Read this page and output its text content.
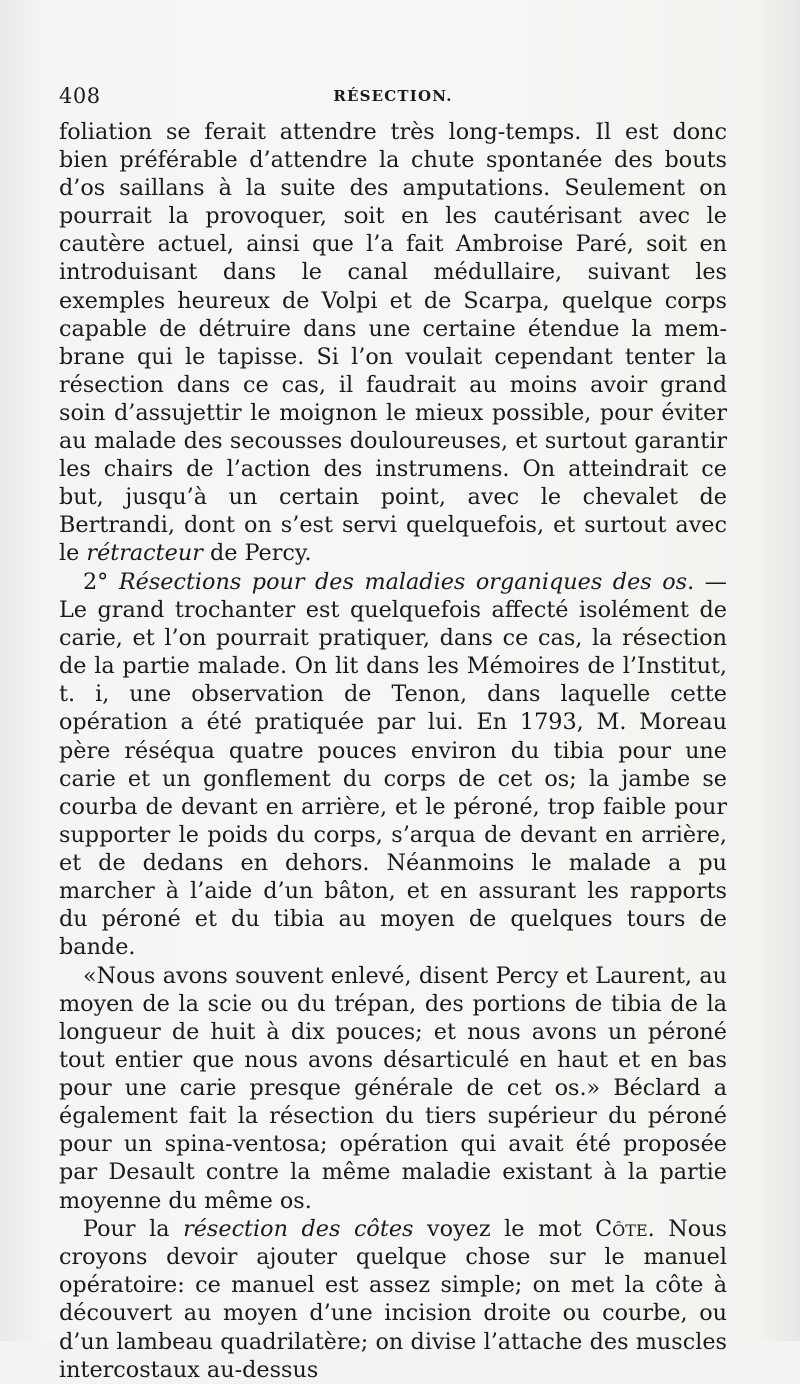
408	RÉSECTION.

foliation se ferait attendre très long-temps. Il est donc bien préférable d’attendre la chute spontanée des bouts d’os saillans à la suite des amputations. Seulement on pourrait la provoquer, soit en les cautérisant avec le cautère actuel, ainsi que l’a fait Ambroise Paré, soit en introduisant dans le canal médullaire, suivant les exemples heureux de Volpi et de Scarpa, quelque corps capable de détruire dans une certaine étendue la membrane qui le tapisse. Si l’on voulait cependant tenter la résection dans ce cas, il faudrait au moins avoir grand soin d’assujettir le moignon le mieux possible, pour éviter au malade des secousses douloureuses, et surtout garantir les chairs de l’action des instrumens. On atteindrait ce but, jusqu’à un certain point, avec le chevalet de Bertrandi, dont on s’est servi quelquefois, et surtout avec le rétracteur de Percy.

2° Résections pour des maladies organiques des os. — Le grand trochanter est quelquefois affecté isolément de carie, et l’on pourrait pratiquer, dans ce cas, la résection de la partie malade. On lit dans les Mémoires de l’Institut, t. i, une observation de Tenon, dans laquelle cette opération a été pratiquée par lui. En 1793, M. Moreau père réséqua quatre pouces environ du tibia pour une carie et un gonflement du corps de cet os; la jambe se courba de devant en arrière, et le péroné, trop faible pour supporter le poids du corps, s’arqua de devant en arrière, et de dedans en dehors. Néanmoins le malade a pu marcher à l’aide d’un bâton, et en assurant les rapports du péroné et du tibia au moyen de quelques tours de bande.

«Nous avons souvent enlevé, disent Percy et Laurent, au moyen de la scie ou du trépan, des portions de tibia de la longueur de huit à dix pouces; et nous avons un péroné tout entier que nous avons désarticulé en haut et en bas pour une carie presque générale de cet os.» Béclard a également fait la résection du tiers supérieur du péroné pour un spina-ventosa; opération qui avait été proposée par Desault contre la même maladie existant à la partie moyenne du même os.

Pour la résection des côtes voyez le mot Côte. Nous croyons devoir ajouter quelque chose sur le manuel opératoire: ce manuel est assez simple; on met la côte à découvert au moyen d’une incision droite ou courbe, ou d’un lambeau quadrilatère; on divise l’attache des muscles intercostaux au-dessus
